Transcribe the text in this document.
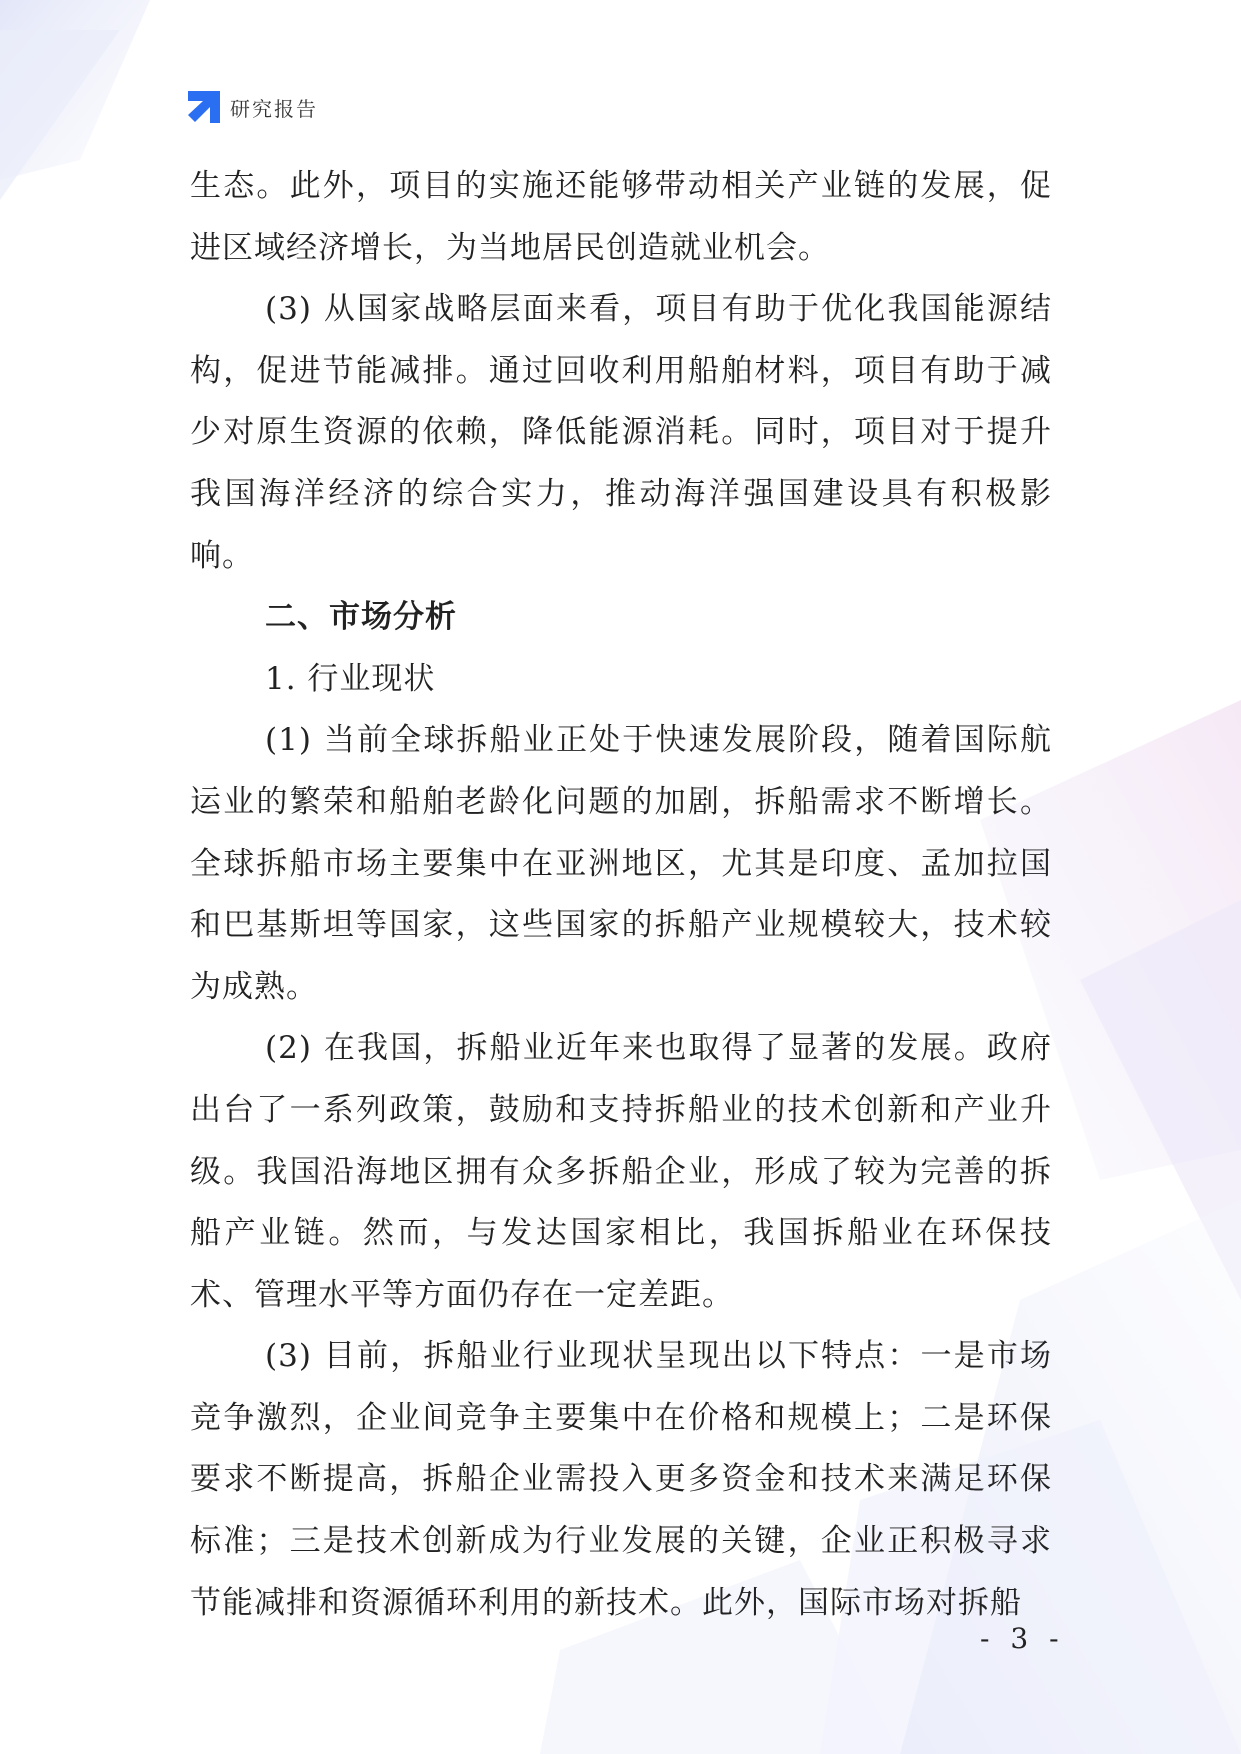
研究报告

生态。此外，项目的实施还能够带动相关产业链的发展，促进区域经济增长，为当地居民创造就业机会。

(3) 从国家战略层面来看，项目有助于优化我国能源结构，促进节能减排。通过回收利用船舶材料，项目有助于减少对原生资源的依赖，降低能源消耗。同时，项目对于提升我国海洋经济的综合实力，推动海洋强国建设具有积极影响。

二、市场分析

1. 行业现状

(1) 当前全球拆船业正处于快速发展阶段，随着国际航运业的繁荣和船舶老龄化问题的加剧，拆船需求不断增长。全球拆船市场主要集中在亚洲地区，尤其是印度、孟加拉国和巴基斯坦等国家，这些国家的拆船产业规模较大，技术较为成熟。

(2) 在我国，拆船业近年来也取得了显著的发展。政府出台了一系列政策，鼓励和支持拆船业的技术创新和产业升级。我国沿海地区拥有众多拆船企业，形成了较为完善的拆船产业链。然而，与发达国家相比，我国拆船业在环保技术、管理水平等方面仍存在一定差距。

(3) 目前，拆船业行业现状呈现出以下特点：一是市场竞争激烈，企业间竞争主要集中在价格和规模上；二是环保要求不断提高，拆船企业需投入更多资金和技术来满足环保标准；三是技术创新成为行业发展的关键，企业正积极寻求节能减排和资源循环利用的新技术。此外，国际市场对拆船

- 3 -
